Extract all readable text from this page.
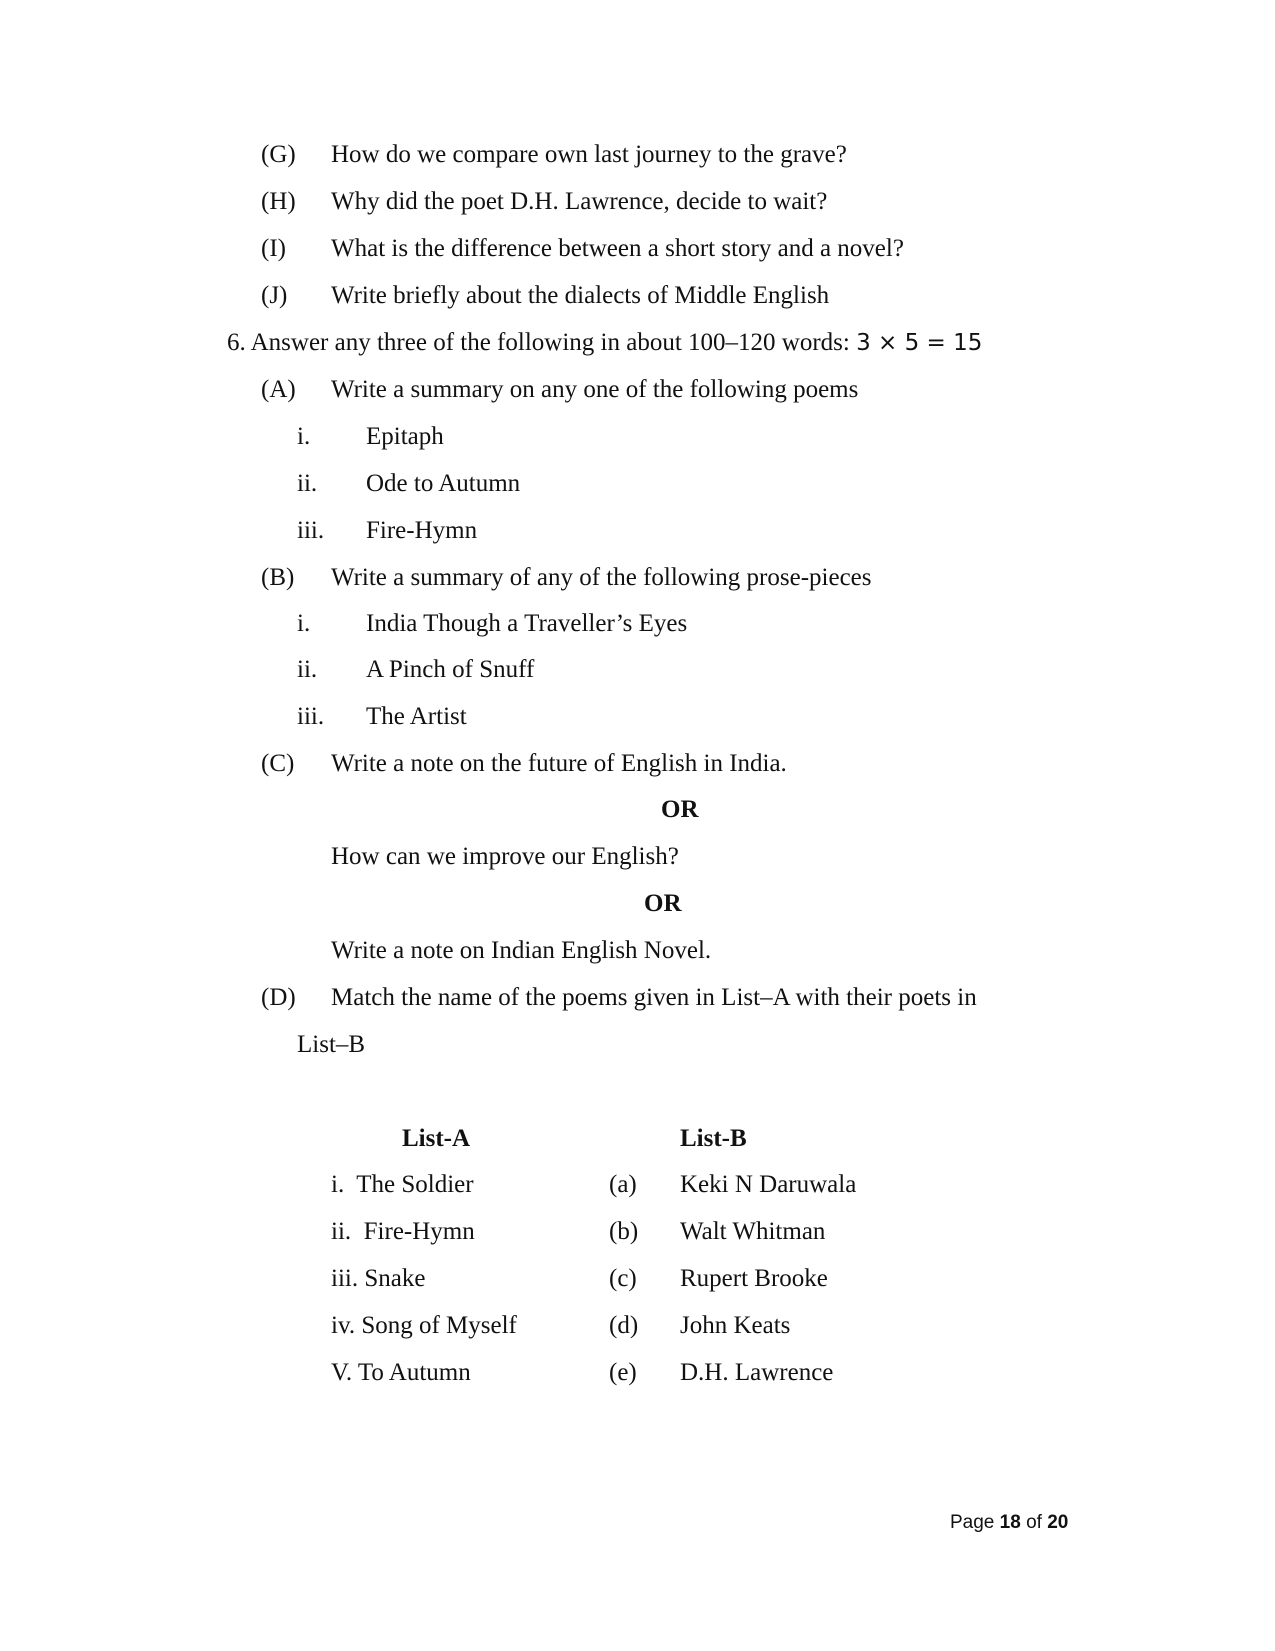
(G) How do we compare own last journey to the grave?
(H) Why did the poet D.H. Lawrence, decide to wait?
(I) What is the difference between a short story and a novel?
(J) Write briefly about the dialects of Middle English
6. Answer any three of the following in about 100–120 words: 3 × 5 = 15
(A) Write a summary on any one of the following poems
i. Epitaph
ii. Ode to Autumn
iii. Fire-Hymn
(B) Write a summary of any of the following prose-pieces
i. India Though a Traveller’s Eyes
ii. A Pinch of Snuff
iii. The Artist
(C) Write a note on the future of English in India.
OR
How can we improve our English?
OR
Write a note on Indian English Novel.
(D) Match the name of the poems given in List–A with their poets in
List–B
List-A	List-B
i.  The Soldier	(a) Keki N Daruwala
ii.  Fire-Hymn	(b) Walt Whitman
iii. Snake	(c) Rupert Brooke
iv. Song of Myself	(d) John Keats
V. To Autumn	(e) D.H. Lawrence
Page 18 of 20
